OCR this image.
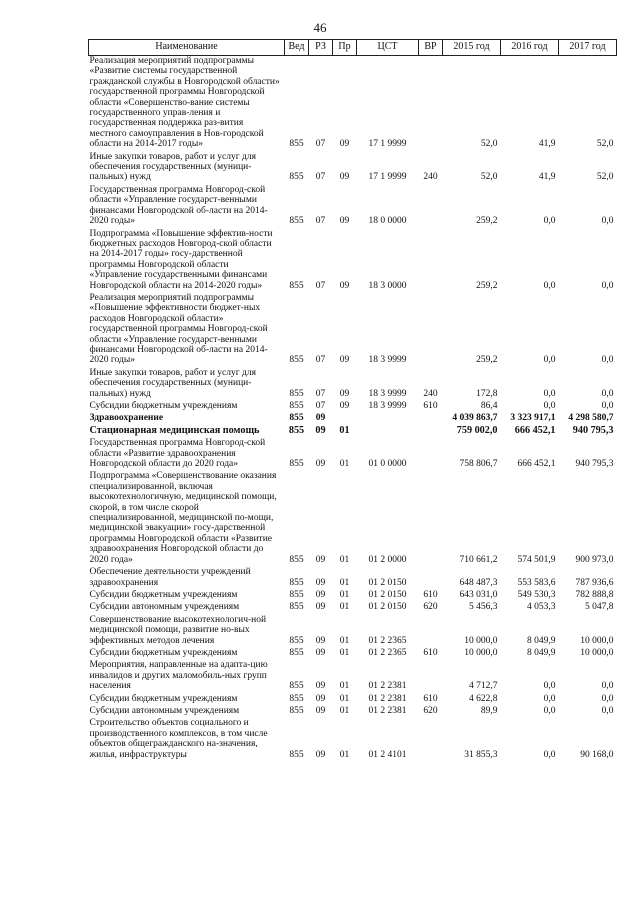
46
Наименование	Вед	РЗ	Пр	ЦСТ	ВР	2015 год	2016 год	2017 год
Реализация мероприятий подпрограммы «Развитие системы государственной гражданской службы в Новгородской области» государственной программы Новгородской области «Совершенство-вание системы государственного управ-ления и государственная поддержка раз-вития местного самоуправления в Нов-городской области на 2014-2017 годы»	855	07	09	17 1 9999		52,0	41,9	52,0
Иные закупки товаров, работ и услуг для обеспечения государственных (муници-пальных) нужд	855	07	09	17 1 9999	240	52,0	41,9	52,0
Государственная программа Новгород-ской области «Управление государст-венными финансами Новгородской об-ласти на 2014-2020 годы»	855	07	09	18 0 0000		259,2	0,0	0,0
Подпрограмма «Повышение эффектив-ности бюджетных расходов Новгород-ской области на 2014-2017 годы» госу-дарственной программы Новгородской области «Управление государственными финансами Новгородской области на 2014-2020 годы»	855	07	09	18 3 0000		259,2	0,0	0,0
Реализация мероприятий подпрограммы «Повышение эффективности бюджет-ных расходов Новгородской области» государственной программы Новгород-ской области «Управление государст-венными финансами Новгородской об-ласти на 2014-2020 годы»	855	07	09	18 3 9999		259,2	0,0	0,0
Иные закупки товаров, работ и услуг для обеспечения государственных (муници-пальных) нужд	855	07	09	18 3 9999	240	172,8	0,0	0,0
Субсидии бюджетным учреждениям	855	07	09	18 3 9999	610	86,4	0,0	0,0
Здравоохранение	855	09				4 039 863,7	3 323 917,1	4 298 580,7
Стационарная медицинская помощь	855	09	01			759 002,0	666 452,1	940 795,3
Государственная программа Новгород-ской области «Развитие здравоохранения Новгородской области до 2020 года»	855	09	01	01 0 0000		758 806,7	666 452,1	940 795,3
Подпрограмма «Совершенствование оказания специализированной, включая высокотехнологичную, медицинской помощи, скорой, в том числе скорой специализированной, медицинской по-мощи, медицинской эвакуации» госу-дарственной программы Новгородской области «Развитие здравоохранения Новгородской области до 2020 года»	855	09	01	01 2 0000		710 661,2	574 501,9	900 973,0
Обеспечение деятельности учреждений здравоохранения	855	09	01	01 2 0150		648 487,3	553 583,6	787 936,6
Субсидии бюджетным учреждениям	855	09	01	01 2 0150	610	643 031,0	549 530,3	782 888,8
Субсидии автономным учреждениям	855	09	01	01 2 0150	620	5 456,3	4 053,3	5 047,8
Совершенствование высокотехнологич-ной медицинской помощи, развитие но-вых эффективных методов лечения	855	09	01	01 2 2365		10 000,0	8 049,9	10 000,0
Субсидии бюджетным учреждениям	855	09	01	01 2 2365	610	10 000,0	8 049,9	10 000,0
Мероприятия, направленные на адапта-цию инвалидов и других маломобиль-ных групп населения	855	09	01	01 2 2381		4 712,7	0,0	0,0
Субсидии бюджетным учреждениям	855	09	01	01 2 2381	610	4 622,8	0,0	0,0
Субсидии автономным учреждениям	855	09	01	01 2 2381	620	89,9	0,0	0,0
Строительство объектов социального и производственного комплексов, в том числе объектов общегражданского на-значения, жилья, инфраструктуры	855	09	01	01 2 4101		31 855,3	0,0	90 168,0
